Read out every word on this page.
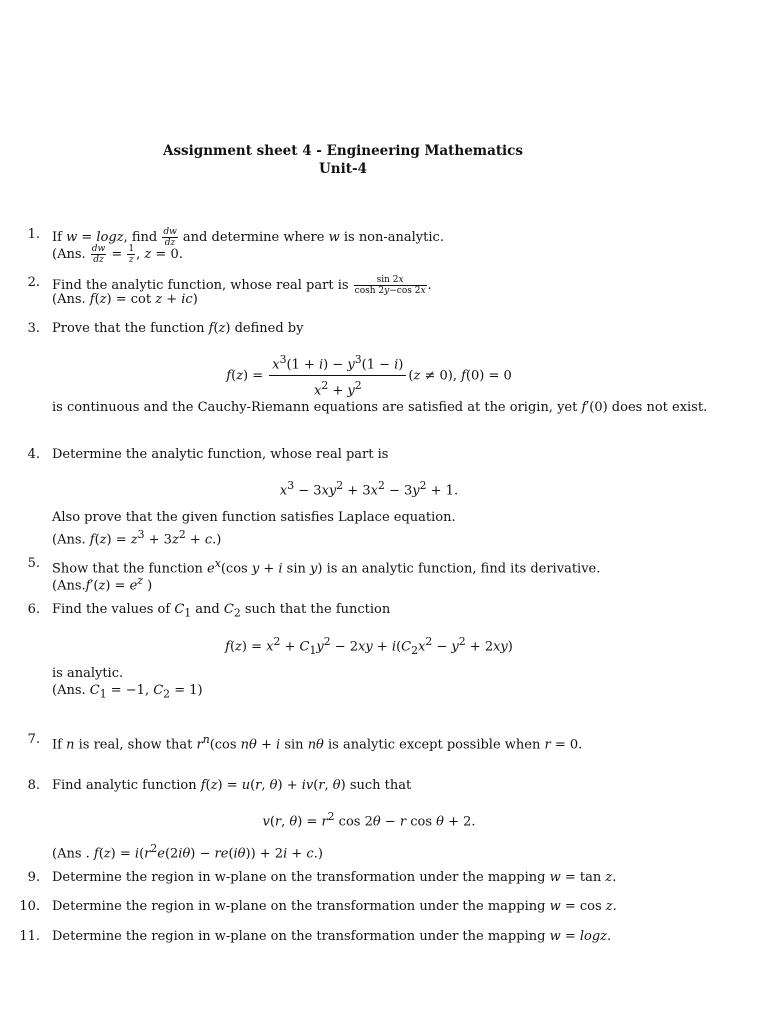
Assignment sheet 4 - Engineering Mathematics
Unit-4
1. If w = logz, find $\frac{dw}{dz}$ and determine where w is non-analytic.
(Ans. $\frac{dw}{dz} = \frac{1}{z}$ , z = 0.
2. Find the analytic function, whose real part is $\frac{\sin 2x}{\cosh 2y-\cos 2x}$ .
(Ans. f(z) = cot z + ic)
3. Prove that the function f(z) defined by
$f(z) = \frac{x^3(1 + i) - y^3(1 - i)}{x^2 + y^2} (z \ne 0)$, f(0) = 0
is continuous and the Cauchy-Riemann equations are satisfied at the origin, yet f′(0) does not exist.
4. Determine the analytic function, whose real part is
$x^3 - 3xy^2 + 3x^2 - 3y^2 + 1$.
Also prove that the given function satisfies Laplace equation.
(Ans. $f(z) = z^3 + 3z^2 + c$.)
5. Show that the function $e^x(\cos$ y + i sin y) is an analytic function, find its derivative.
($Ans.f'(z) = e^z$ )
6. Find the values of $C_1$ and $C_2$ such that the function
$f(z) = x^2 + C_1y^2 - 2xy + i(C_2x^2 - y^2 + 2xy)$
is analytic.
(Ans. $C_1 = -1$, $C_2 = 1$)
7. If n is real, show that $r^n(\cos$ nθ + i sin nθ is analytic except possible when r = 0.
8. Find analytic function f(z) = u(r, θ) + iv(r, θ) such that
v(r, $\theta) = r^2$ cos 2θ − r cos θ + 2.
(Ans . $f(z) = i(r^2e(2i\theta) - re(i\theta)) + 2i + c$.)
9. Determine the region in w-plane on the transformation under the mapping w = tan z.
10. Determine the region in w-plane on the transformation under the mapping w = cos z.
11. Determine the region in w-plane on the transformation under the mapping w = logz.
